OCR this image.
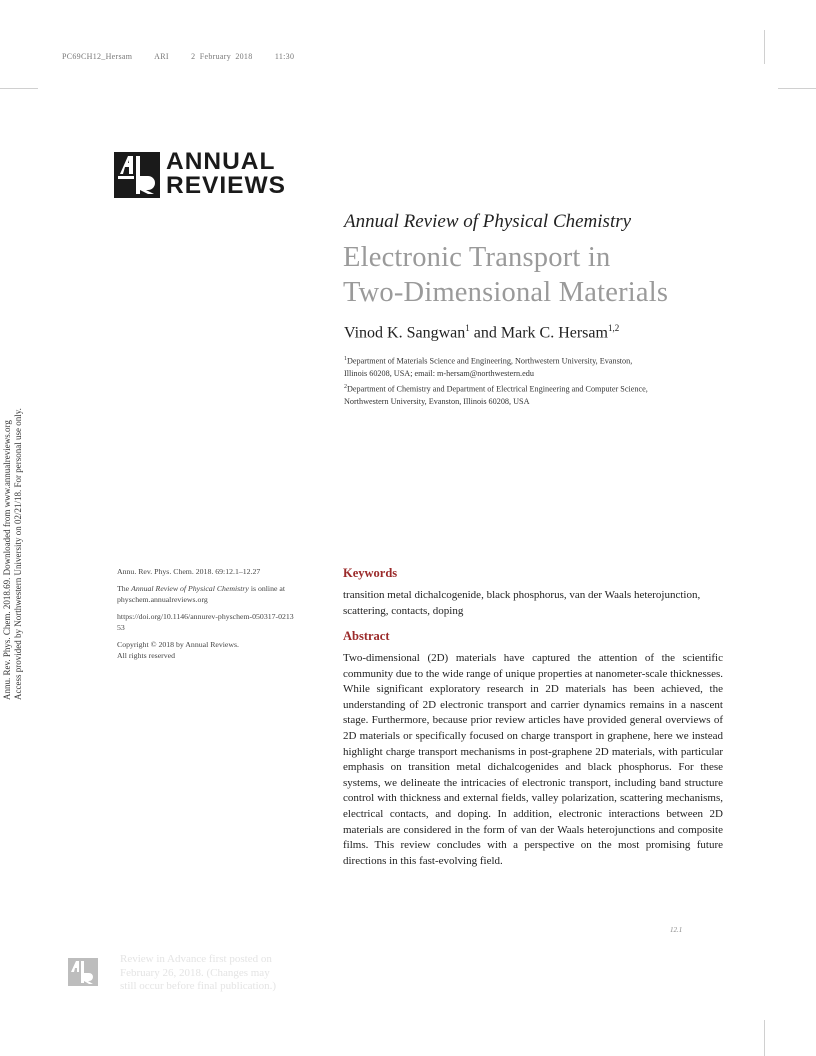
PC69CH12_Hersam	ARI	2 February 2018	11:30
ANNUAL
REVIEWS
Annual Review of Physical Chemistry
Electronic Transport in
Two-Dimensional Materials
Vinod K. Sangwan$^1$ and Mark C. Hersam$^{1,2}$
$^1$Department of Materials Science and Engineering, Northwestern University, Evanston,
Illinois 60208, USA; email: m-hersam@northwestern.edu
$^2$Department of Chemistry and Department of Electrical Engineering and Computer Science,
Northwestern University, Evanston, Illinois 60208, USA
Annu. Rev. Phys. Chem. 2018.69. Downloaded from www.annualreviews.org Access provided by Northwestern University on 02/21/18. For personal use only.	Annu. Rev. Phys. Chem. 2018. 69:12.1–12.27

The Annual Review of Physical Chemistry is online at
physchem.annualreviews.org

https://doi.org/10.1146/annurev-physchem-050317-021353

Copyright © 2018 by Annual Reviews.
All rights reserved

Keywords
transition metal dichalcogenide, black phosphorus, van der Waals heterojunction, scattering, contacts, doping
Abstract

Two-dimensional (2D) materials have captured the attention of the scientific community due to the wide range of unique properties at nanometer-scale thicknesses. While significant exploratory research in 2D materials has been achieved, the understanding of 2D electronic transport and carrier dynamics remains in a nascent stage. Furthermore, because prior review articles have provided general overviews of 2D materials or specifically focused on charge transport in graphene, here we instead highlight charge transport mechanisms in post-graphene 2D materials, with particular emphasis on transition metal dichalcogenides and black phosphorus. For these systems, we delineate the intricacies of electronic transport, including band structure control with thickness and external fields, valley polarization, scattering mechanisms, electrical contacts, and doping. In addition, electronic interactions between 2D materials are considered in the form of van der Waals heterojunctions and composite films. This review concludes with a perspective on the most promising future directions in this fast-evolving field.

12.1
Review in Advance first posted on
February 26, 2018. (Changes may
still occur before final publication.)
